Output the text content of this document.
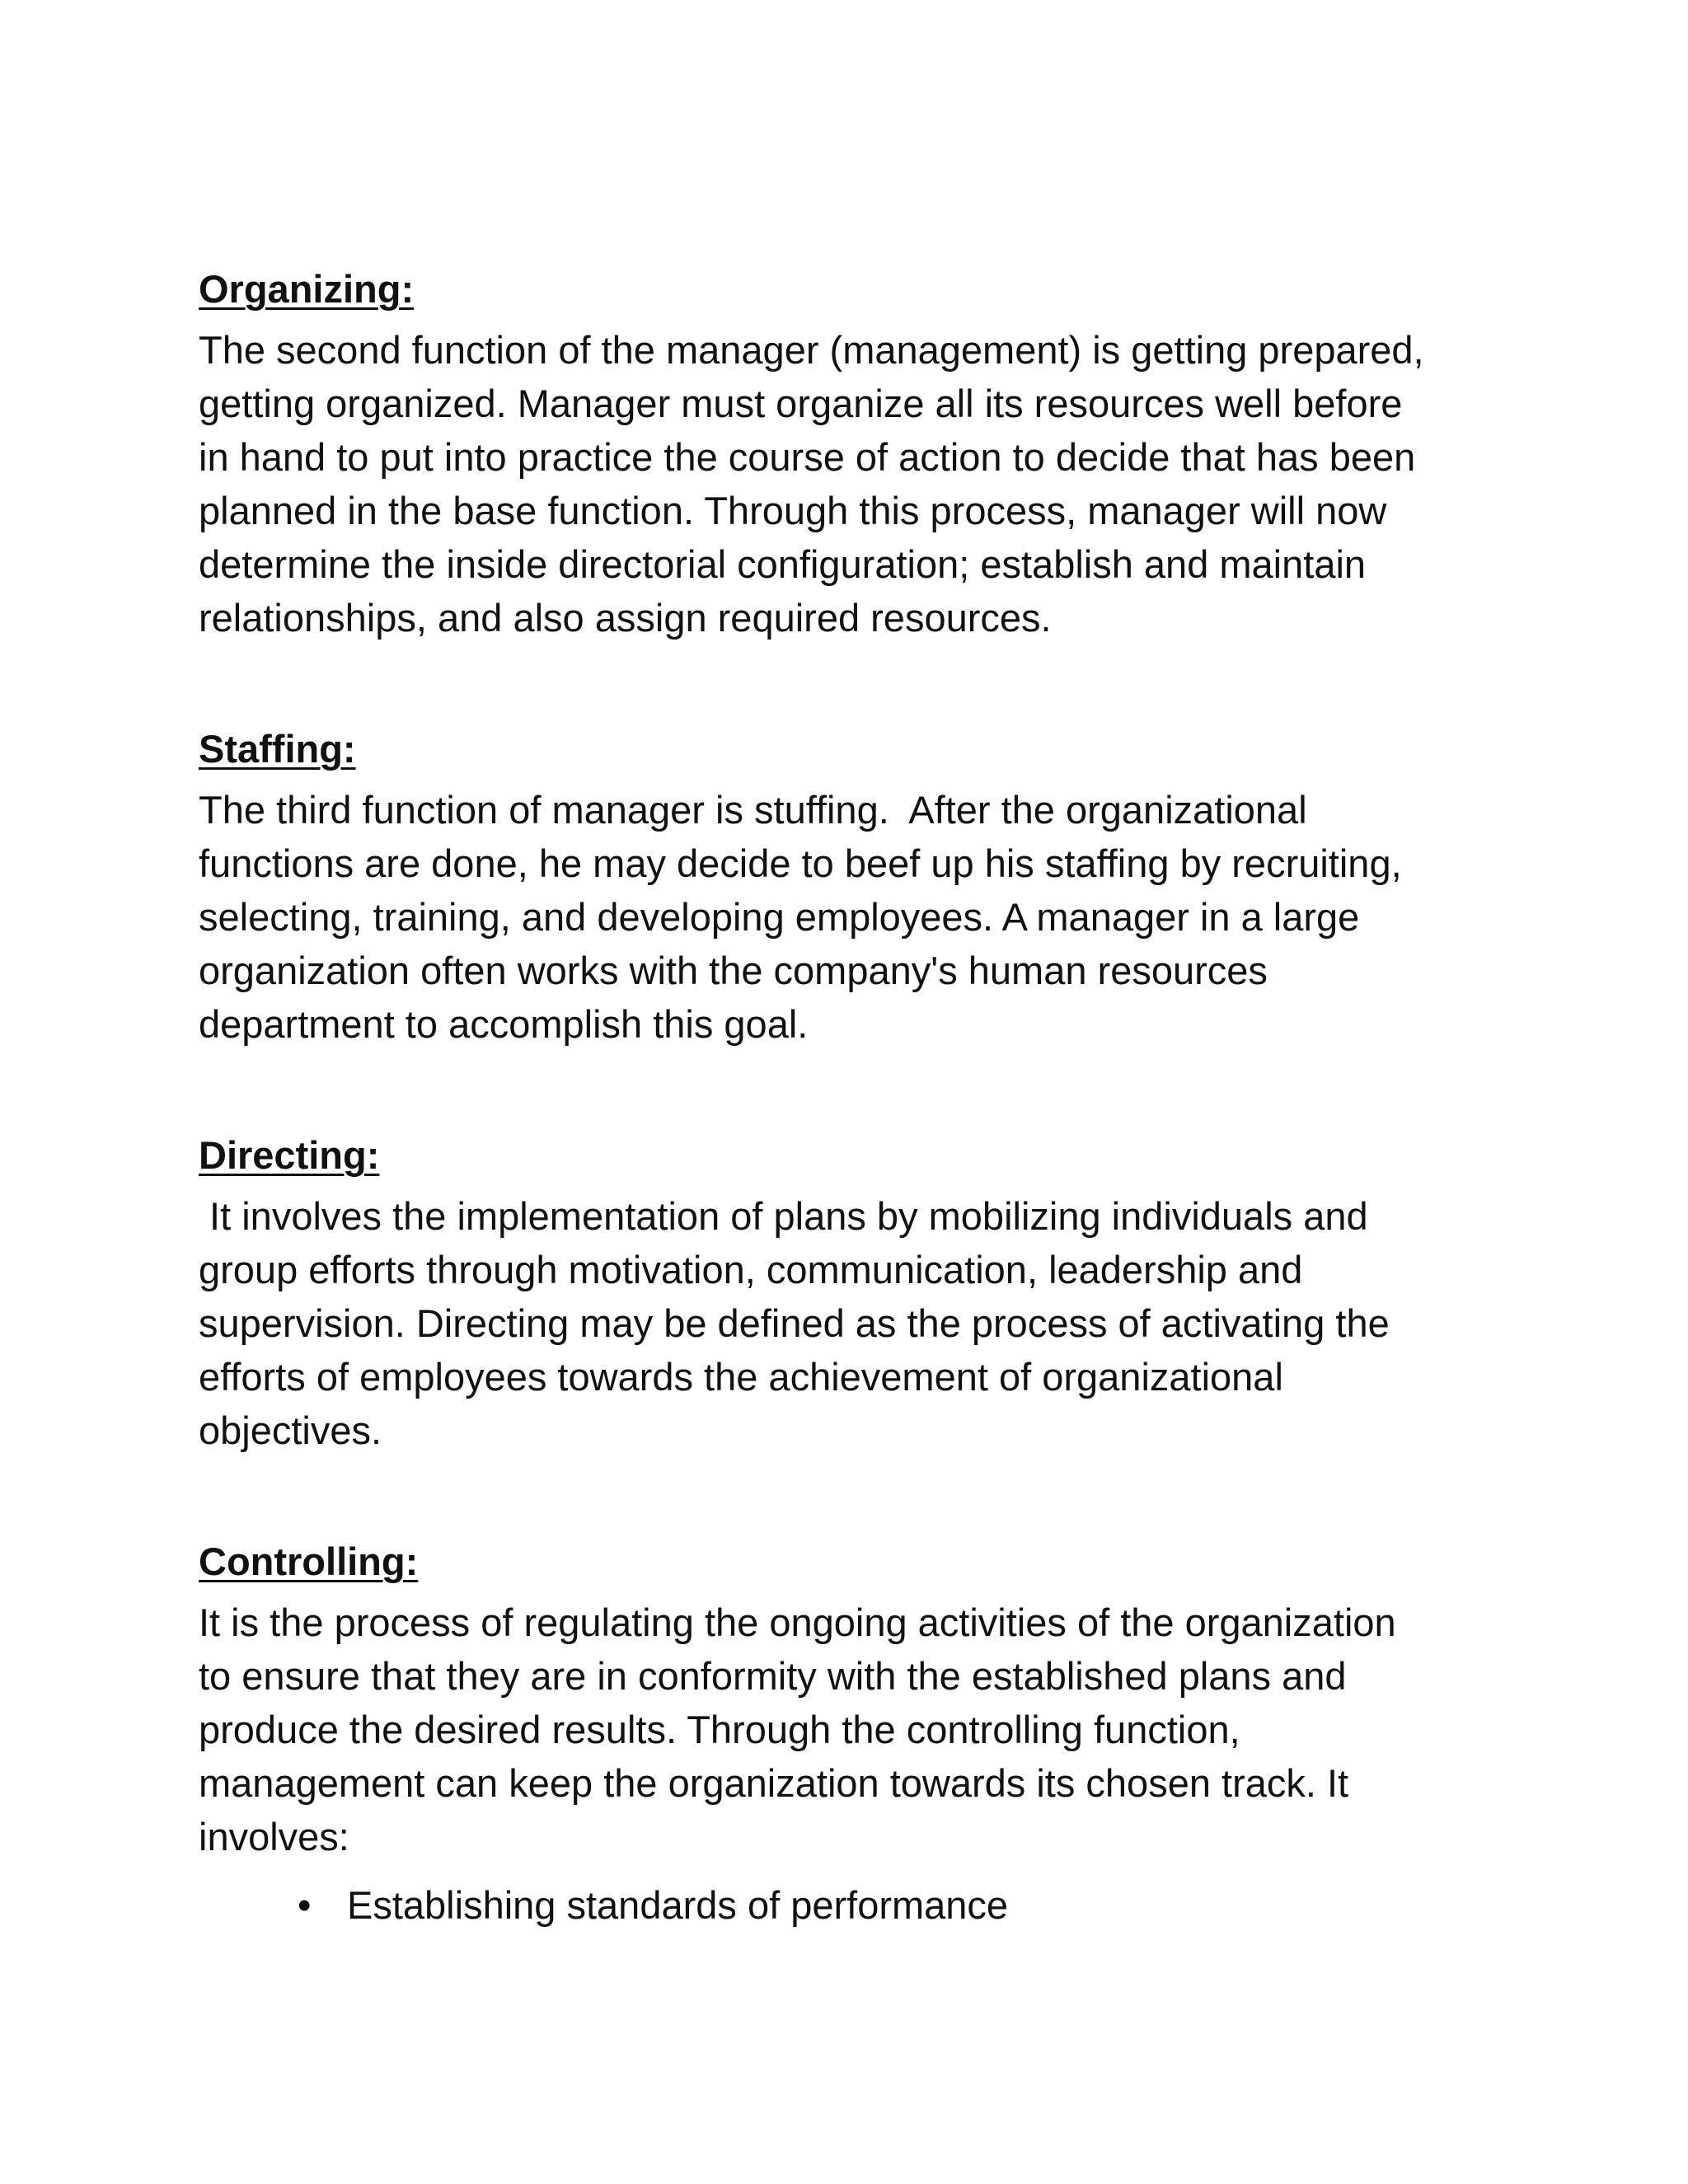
Organizing:
The second function of the manager (management) is getting prepared,
getting organized. Manager must organize all its resources well before
in hand to put into practice the course of action to decide that has been
planned in the base function. Through this process, manager will now
determine the inside directorial configuration; establish and maintain
relationships, and also assign required resources.
Staffing:
The third function of manager is stuffing.  After the organizational
functions are done, he may decide to beef up his staffing by recruiting,
selecting, training, and developing employees. A manager in a large
organization often works with the company's human resources
department to accomplish this goal.
Directing:
It involves the implementation of plans by mobilizing individuals and
group efforts through motivation, communication, leadership and
supervision. Directing may be defined as the process of activating the
efforts of employees towards the achievement of organizational
objectives.
Controlling:
It is the process of regulating the ongoing activities of the organization
to ensure that they are in conformity with the established plans and
produce the desired results. Through the controlling function,
management can keep the organization towards its chosen track. It
involves:
• Establishing standards of performance
